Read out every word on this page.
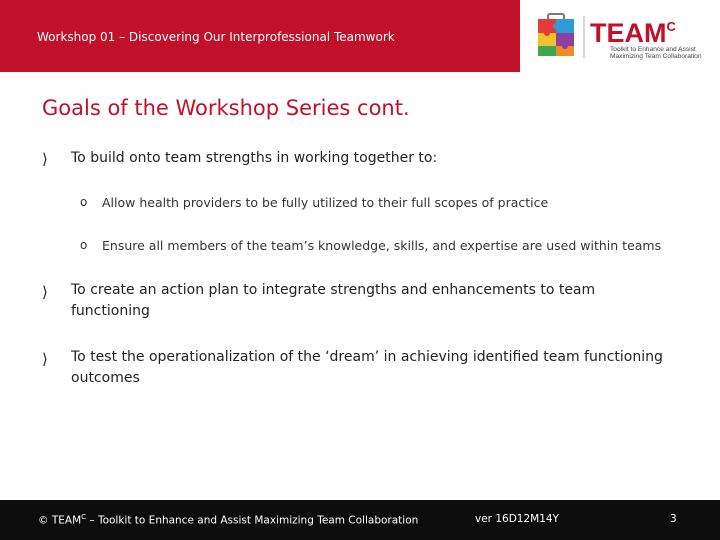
Workshop 01 – Discovering Our Interprofessional Teamwork	$TEAM^C$
Toolkit to Enhance and Assist
Maximizing Team Collaboration
Goals of the Workshop Series cont.
⟩ To build onto team strengths in working together to:
o Allow health providers to be fully utilized to their full scopes of practice
o Ensure all members of the team’s knowledge, skills, and expertise are used within teams
⟩ To create an action plan to integrate strengths and enhancements to team functioning
⟩ To test the operationalization of the ‘dream’ in achieving identified team functioning outcomes
© $TEAM^C$ – Toolkit to Enhance and Assist Maximizing Team Collaboration	ver 16D12M14Y	3
